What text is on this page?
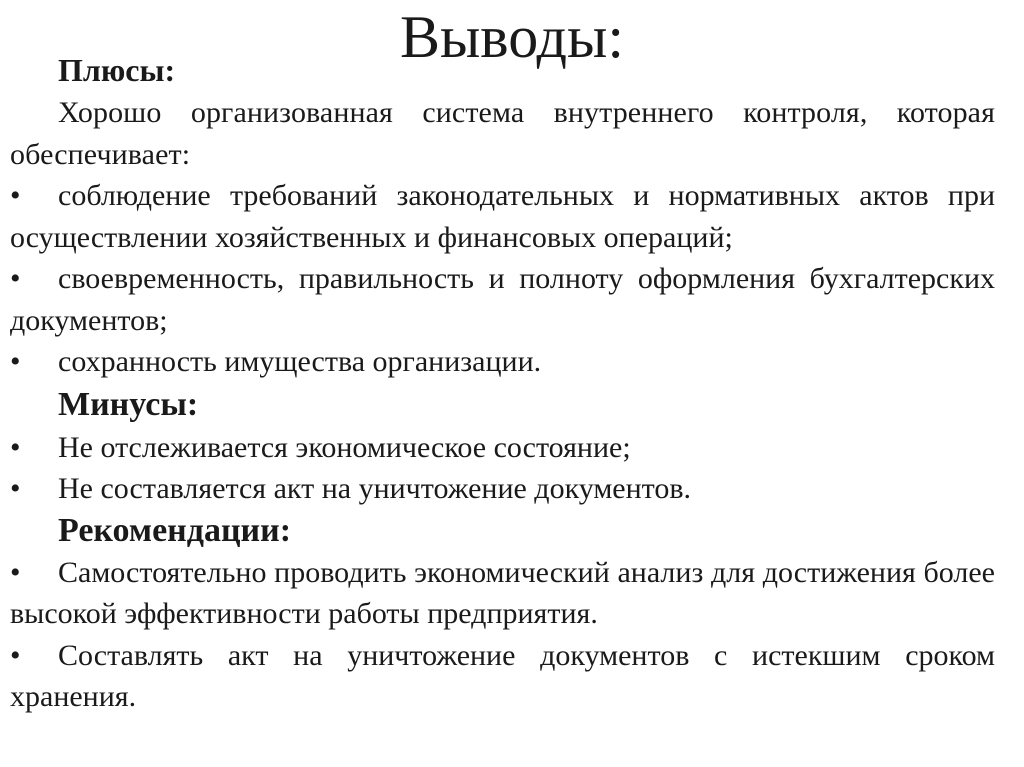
Выводы:

Плюсы:

Хорошо организованная система внутреннего контроля, которая обеспечивает:

• соблюдение требований законодательных и нормативных актов при осуществлении хозяйственных и финансовых операций;

• своевременность, правильность и полноту оформления бухгалтерских документов;

• сохранность имущества организации.

Минусы:

• Не отслеживается экономическое состояние;

• Не составляется акт на уничтожение документов.

Рекомендации:

• Самостоятельно проводить экономический анализ для достижения более высокой эффективности работы предприятия.

• Составлять акт на уничтожение документов с истекшим сроком хранения.
